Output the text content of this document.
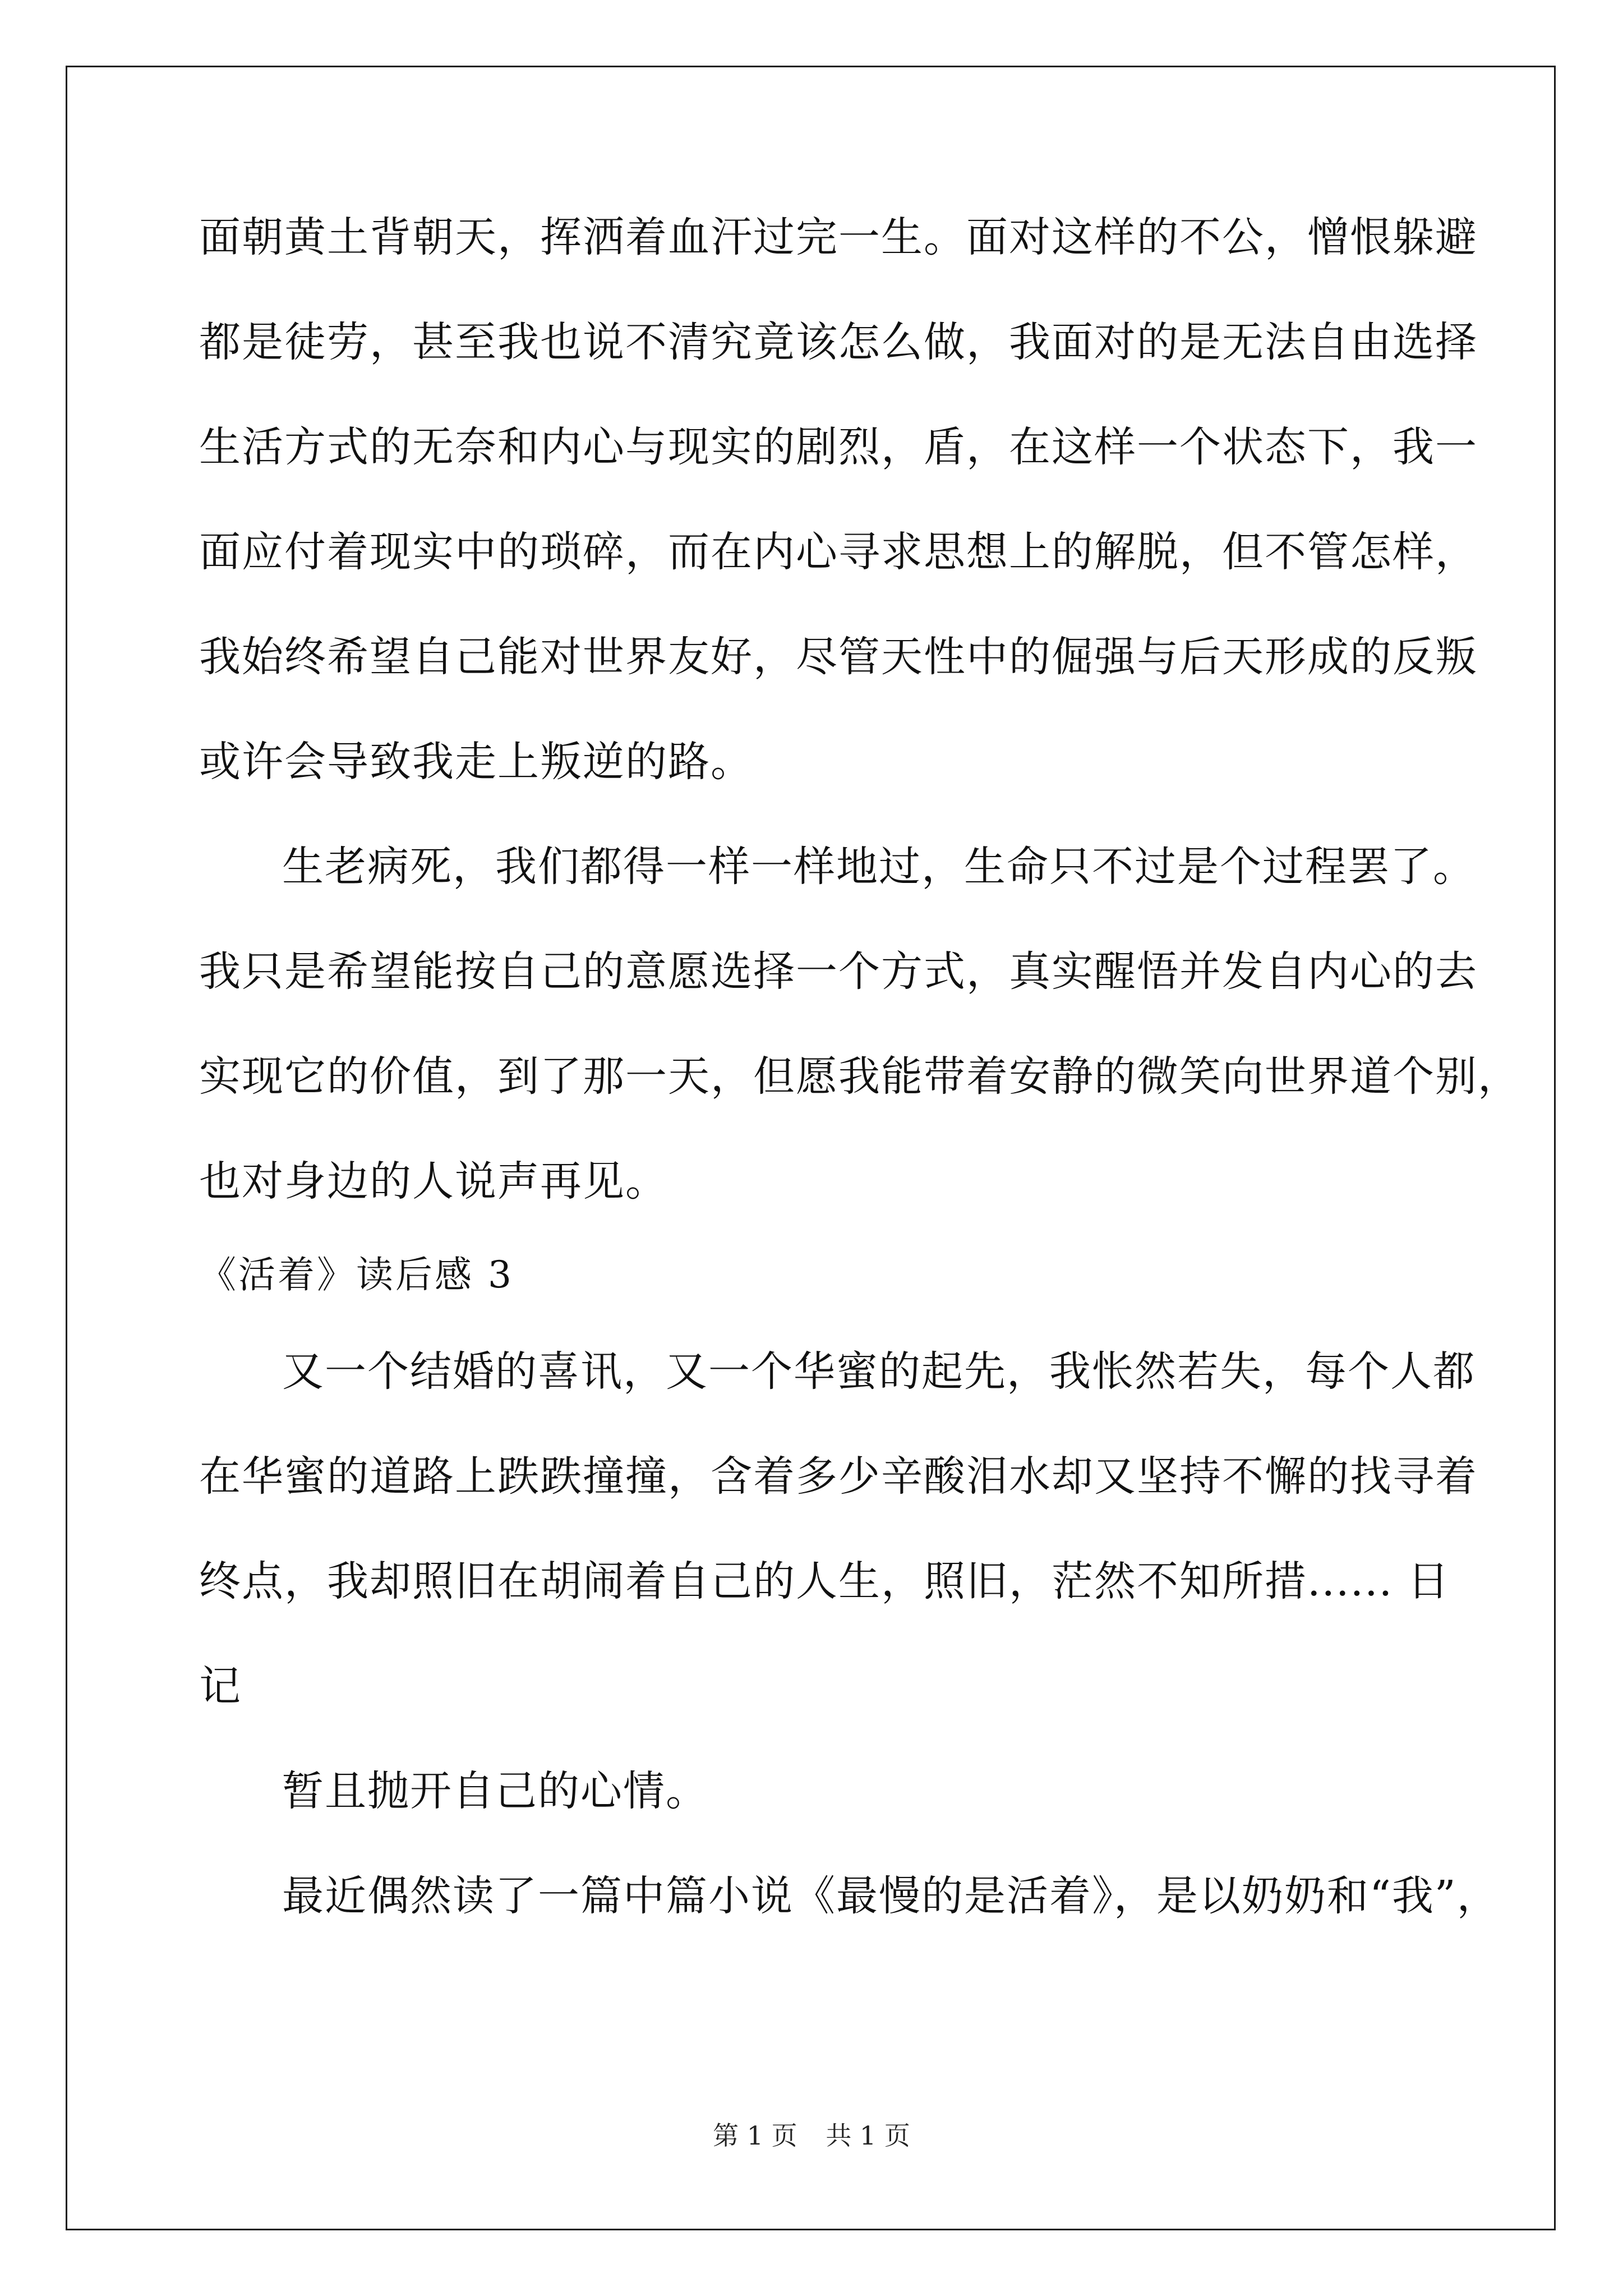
面朝黄土背朝天，挥洒着血汗过完一生。面对这样的不公，憎恨躲避
都是徒劳，甚至我也说不清究竟该怎么做，我面对的是无法自由选择
生活方式的无奈和内心与现实的剧烈，盾，在这样一个状态下，我一
面应付着现实中的琐碎，而在内心寻求思想上的解脱，但不管怎样，
我始终希望自己能对世界友好，尽管天性中的倔强与后天形成的反叛
或许会导致我走上叛逆的路。
生老病死，我们都得一样一样地过，生命只不过是个过程罢了。
我只是希望能按自己的意愿选择一个方式，真实醒悟并发自内心的去
实现它的价值，到了那一天，但愿我能带着安静的微笑向世界道个别，
也对身边的人说声再见。
《活着》读后感 3
又一个结婚的喜讯，又一个华蜜的起先，我怅然若失，每个人都
在华蜜的道路上跌跌撞撞，含着多少辛酸泪水却又坚持不懈的找寻着
终点，我却照旧在胡闹着自己的人生，照旧，茫然不知所措...... 日
记
暂且抛开自己的心情。
最近偶然读了一篇中篇小说《最慢的是活着》，是以奶奶和“我”，
第 1 页 共 1 页
